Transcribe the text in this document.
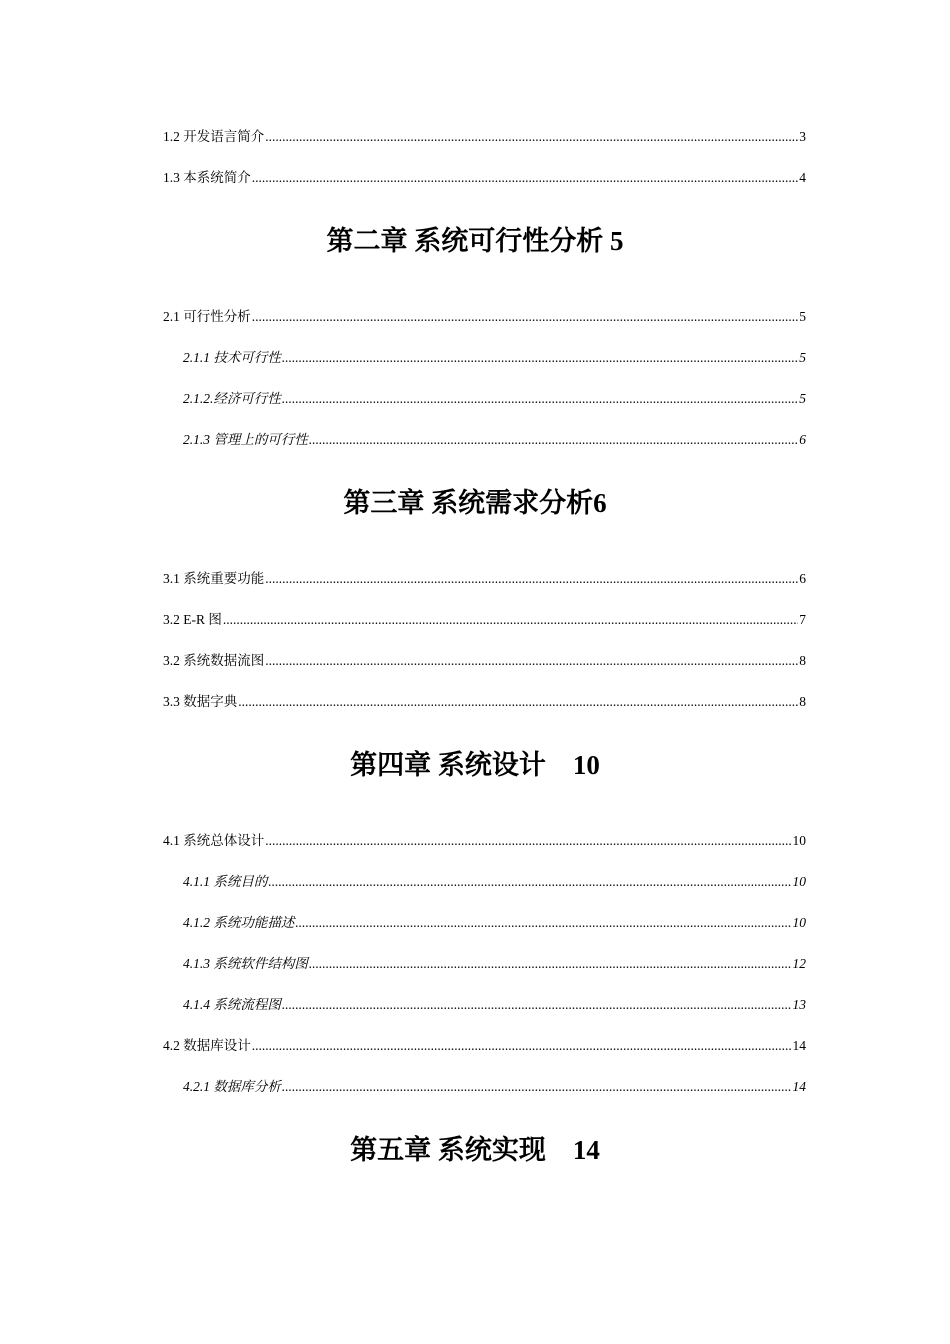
1.2 开发语言简介 .....	3
1.3 本系统简介 .....	4
第二章 系统可行性分析 5
2.1 可行性分析 .....	5
2.1.1 技术可行性 .....	5
2.1.2.经济可行性 .....	5
2.1.3 管理上的可行性 .....	6
第三章 系统需求分析6
3.1 系统重要功能 .....	6
3.2 E-R 图 .....	7
3.2 系统数据流图 .....	8
3.3 数据字典 .....	8
第四章 系统设计    10
4.1 系统总体设计 .....	10
4.1.1 系统目的 .....	10
4.1.2 系统功能描述 .....	10
4.1.3 系统软件结构图 .....	12
4.1.4 系统流程图 .....	13
4.2 数据库设计 .....	14
4.2.1 数据库分析 .....	14
第五章 系统实现    14
